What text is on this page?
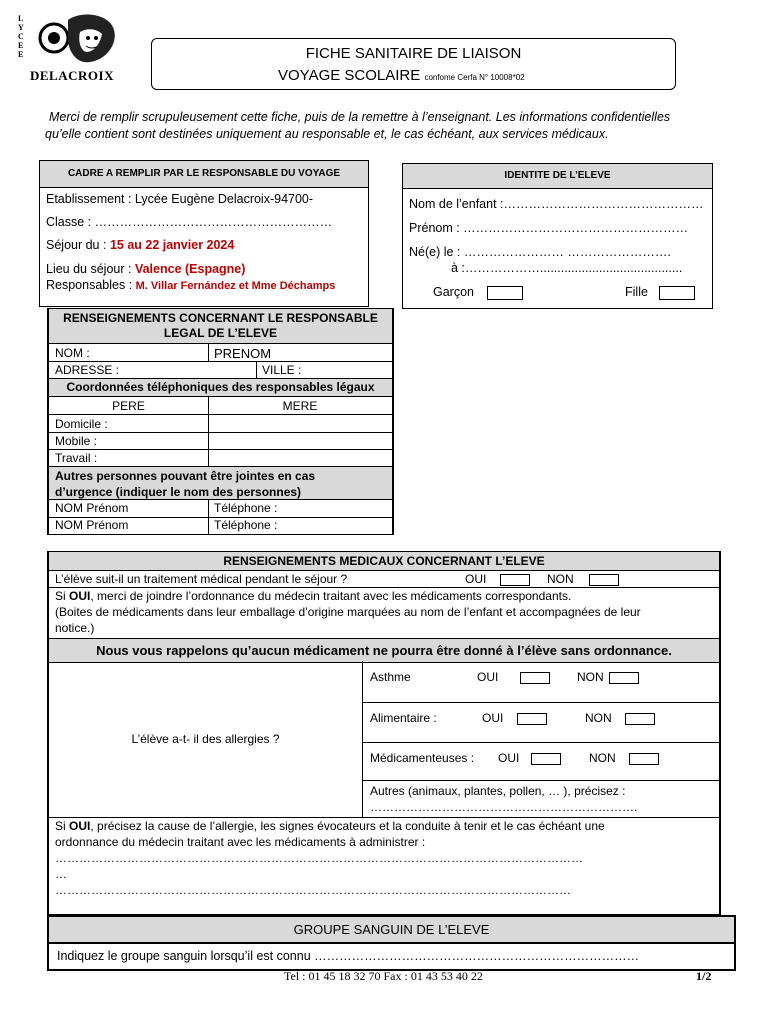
LYCEE
DELACROIX
FICHE SANITAIRE DE LIAISON
VOYAGE SCOLAIRE confome Cerfa N° 10008*02
Merci de remplir scrupuleusement cette fiche, puis de la remettre à l’enseignant. Les informations confidentielles
qu’elle contient sont destinées uniquement au responsable et, le cas échéant, aux services médicaux.
CADRE A REMPLIR PAR LE RESPONSABLE DU VOYAGE
Etablissement : Lycée Eugène Delacroix-94700-
Classe : …………………………………………………
Séjour du : 15 au 22 janvier 2024
Lieu du séjour : Valence (Espagne)
Responsables : M. Villar Fernández et Mme Déchamps
IDENTITE DE L’ELEVE
Nom de l’enfant :…………………………………………
Prénom : ………………………………………………
Né(e) le : …………………… …………………….
à :……………….........................................
Garçon	Fille
RENSEIGNEMENTS CONCERNANT LE RESPONSABLE
LEGAL DE L’ELEVE
NOM :	PRENOM
ADRESSE :	VILLE :
Coordonnées téléphoniques des responsables légaux
PERE	MERE
Domicile :
Mobile :
Travail :
Autres personnes pouvant être jointes en cas
d’urgence (indiquer le nom des personnes)
NOM Prénom	Téléphone :
NOM Prénom	Téléphone :
RENSEIGNEMENTS MEDICAUX CONCERNANT L’ELEVE
L’élève suit-il un traitement médical pendant le séjour ?	OUI	NON
Si OUI, merci de joindre l’ordonnance du médecin traitant avec les médicaments correspondants.
(Boites de médicaments dans leur emballage d’origine marquées au nom de l’enfant et accompagnées de leur
notice.)
Nous vous rappelons qu’aucun médicament ne pourra être donné à l’élève sans ordonnance.
L’élève a-t- il des allergies ?
Asthme	OUI	NON
Alimentaire :	OUI	NON
Médicamenteuses : OUI	NON
Autres (animaux, plantes, pollen, … ), précisez :
………………………………………………………….
Si OUI, précisez la cause de l’allergie, les signes évocateurs et la conduite à tenir et le cas échéant une
ordonnance du médecin traitant avec les médicaments à administrer :
……………………………………………………………………………………………………………………
…
…………………………………………………………………………………………………………………
GROUPE SANGUIN DE L’ELEVE
Indiquez le groupe sanguin lorsqu’il est connu ……………………………………………………………………
Tel : 01 45 18 32 70 Fax : 01 43 53 40 22	1/2
